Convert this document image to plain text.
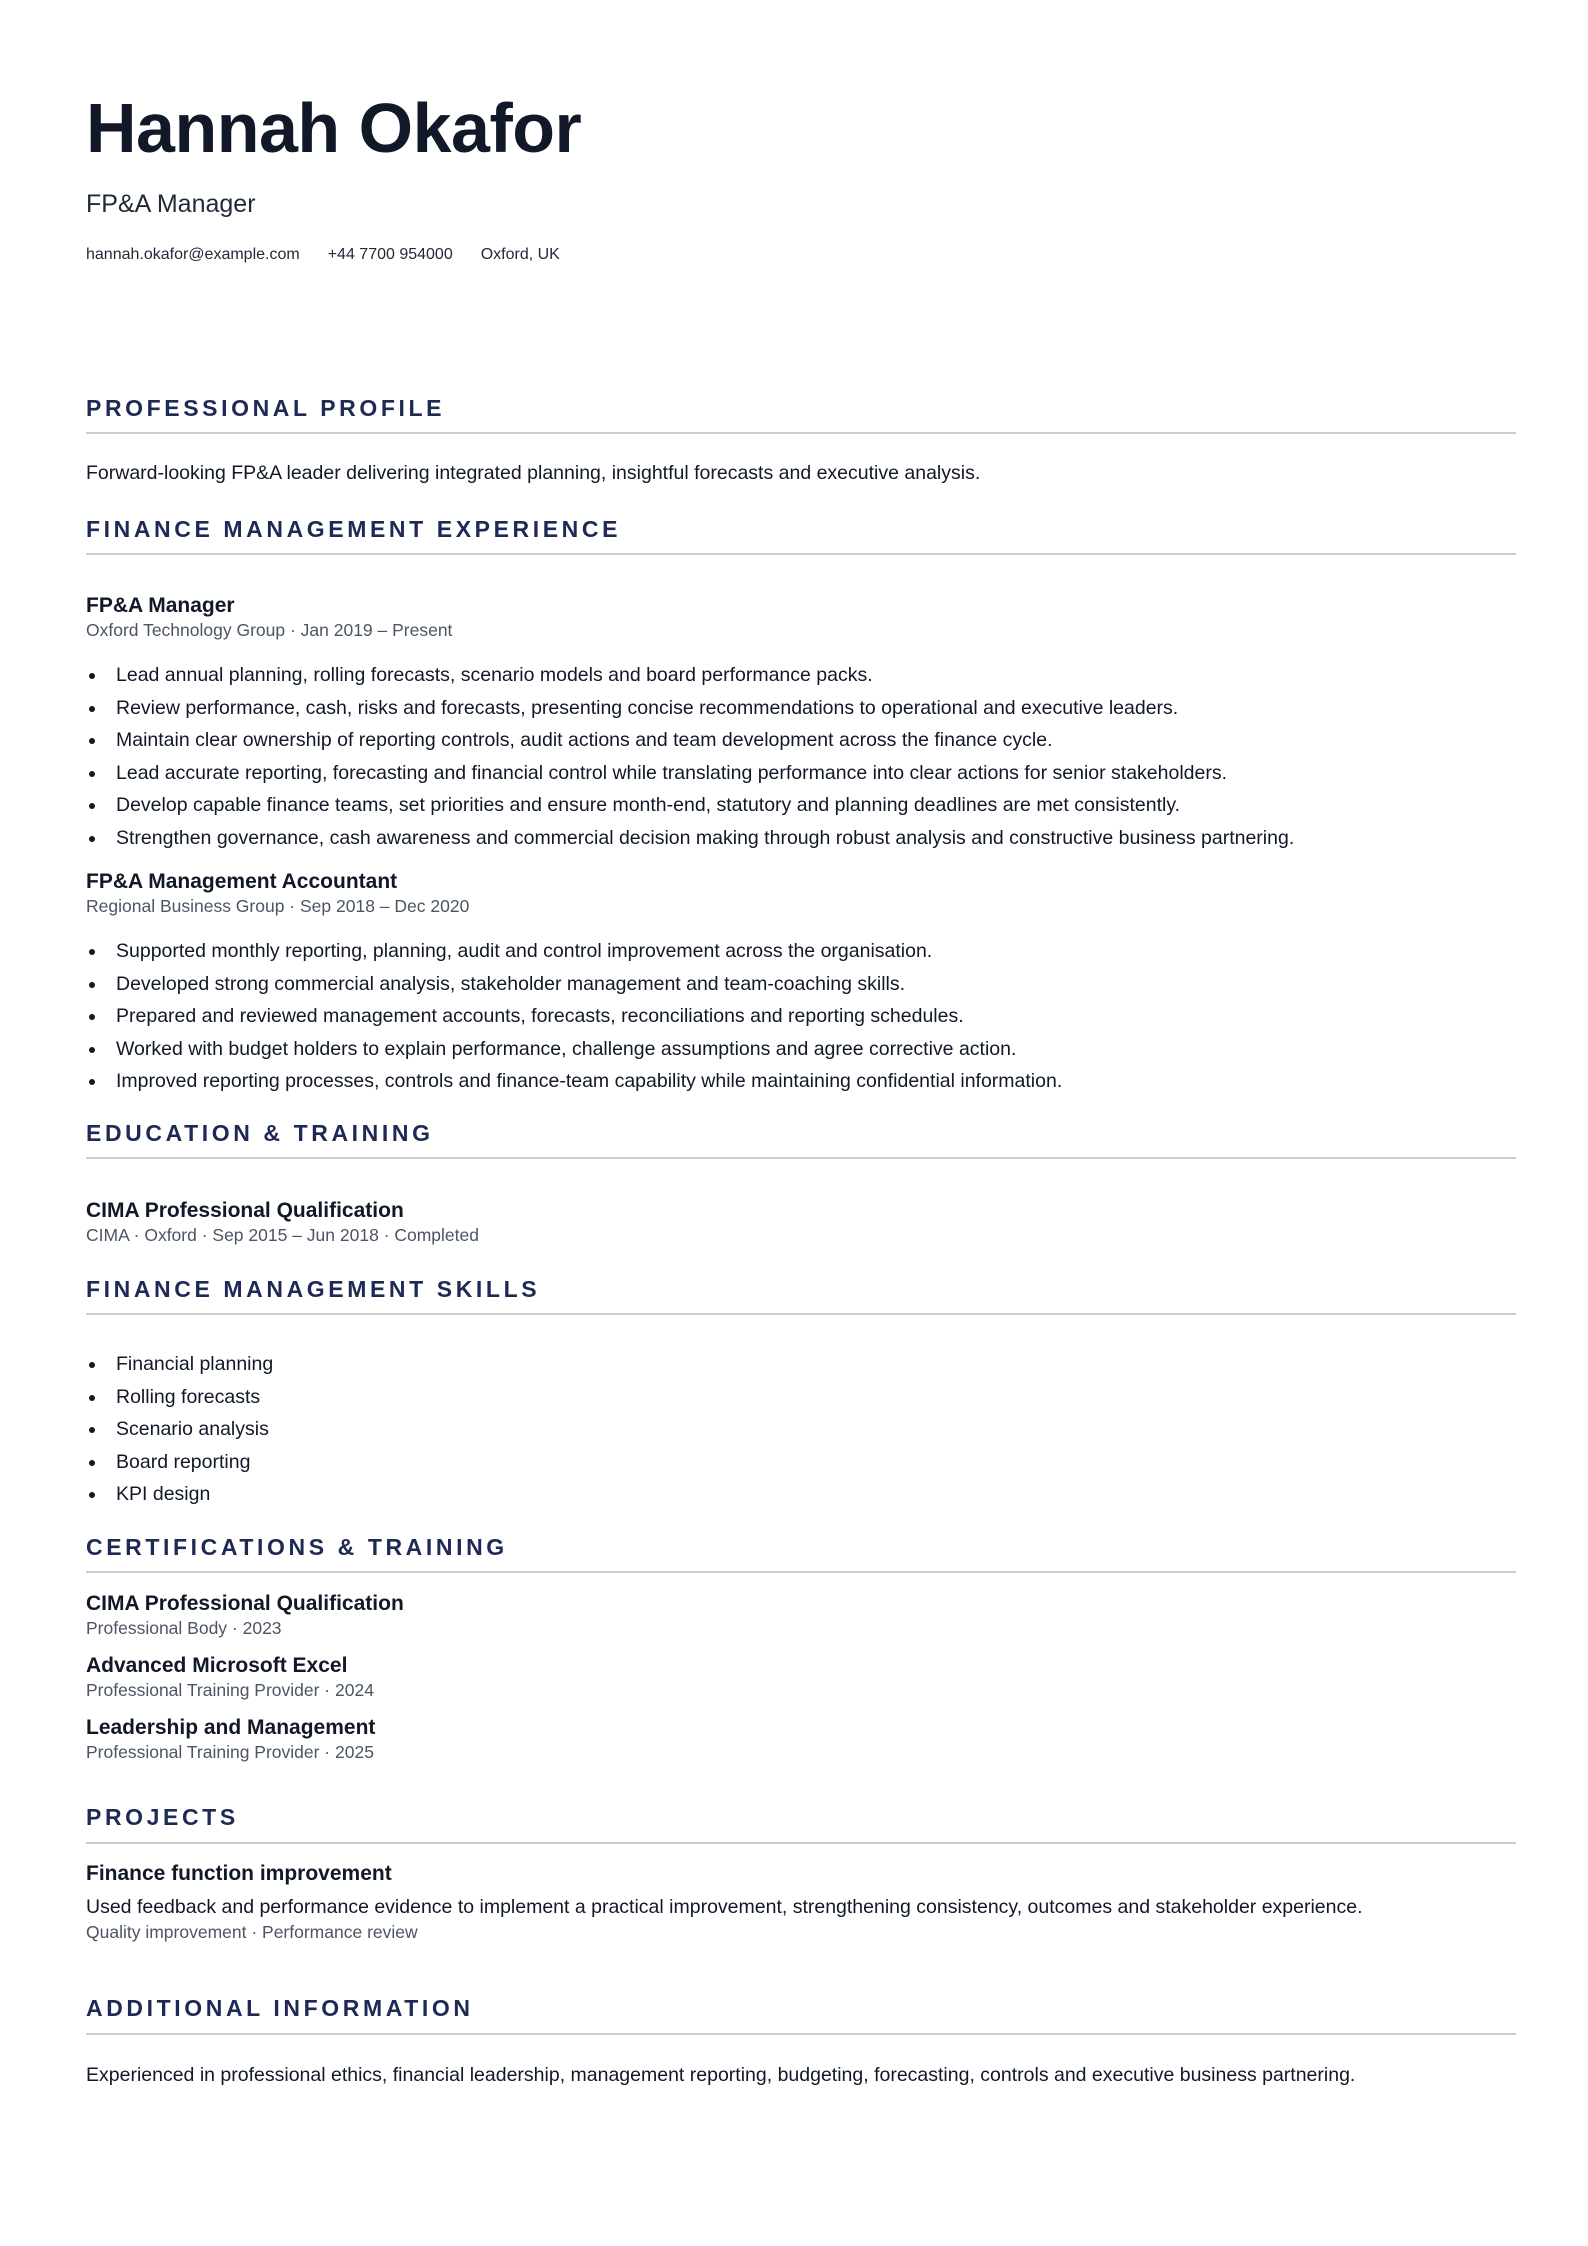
Hannah Okafor
FP&A Manager
hannah.okafor@example.com +44 7700 954000 Oxford, UK
PROFESSIONAL PROFILE
Forward-looking FP&A leader delivering integrated planning, insightful forecasts and executive analysis.
FINANCE MANAGEMENT EXPERIENCE
FP&A Manager
Oxford Technology Group · Jan 2019 – Present
Lead annual planning, rolling forecasts, scenario models and board performance packs.
Review performance, cash, risks and forecasts, presenting concise recommendations to operational and executive leaders.
Maintain clear ownership of reporting controls, audit actions and team development across the finance cycle.
Lead accurate reporting, forecasting and financial control while translating performance into clear actions for senior stakeholders.
Develop capable finance teams, set priorities and ensure month-end, statutory and planning deadlines are met consistently.
Strengthen governance, cash awareness and commercial decision making through robust analysis and constructive business partnering.
FP&A Management Accountant
Regional Business Group · Sep 2018 – Dec 2020
Supported monthly reporting, planning, audit and control improvement across the organisation.
Developed strong commercial analysis, stakeholder management and team-coaching skills.
Prepared and reviewed management accounts, forecasts, reconciliations and reporting schedules.
Worked with budget holders to explain performance, challenge assumptions and agree corrective action.
Improved reporting processes, controls and finance-team capability while maintaining confidential information.
EDUCATION & TRAINING
CIMA Professional Qualification
CIMA · Oxford · Sep 2015 – Jun 2018 · Completed
FINANCE MANAGEMENT SKILLS
Financial planning
Rolling forecasts
Scenario analysis
Board reporting
KPI design
CERTIFICATIONS & TRAINING
CIMA Professional Qualification
Professional Body · 2023
Advanced Microsoft Excel
Professional Training Provider · 2024
Leadership and Management
Professional Training Provider · 2025
PROJECTS
Finance function improvement
Used feedback and performance evidence to implement a practical improvement, strengthening consistency, outcomes and stakeholder experience.
Quality improvement · Performance review
ADDITIONAL INFORMATION
Experienced in professional ethics, financial leadership, management reporting, budgeting, forecasting, controls and executive business partnering.
